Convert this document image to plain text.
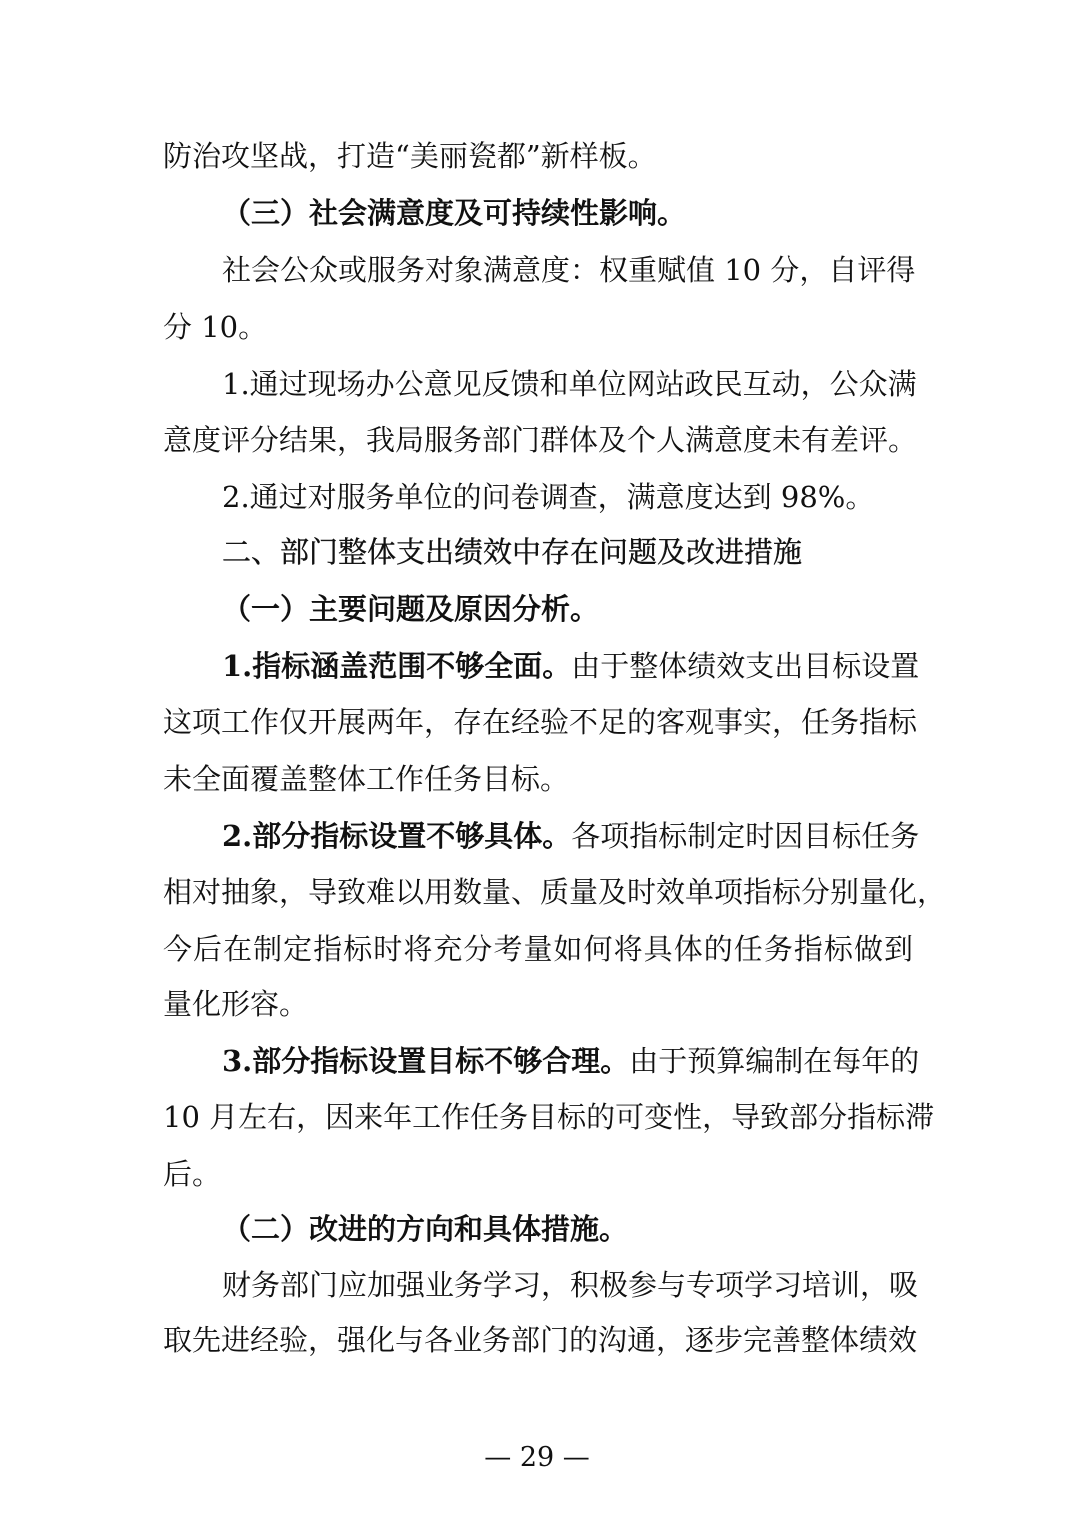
防治攻坚战，打造“美丽瓷都”新样板。
（三）社会满意度及可持续性影响。
社会公众或服务对象满意度：权重赋值 10 分，自评得
分 10。
1.通过现场办公意见反馈和单位网站政民互动，公众满
意度评分结果，我局服务部门群体及个人满意度未有差评。
2.通过对服务单位的问卷调查，满意度达到 98%。
二、部门整体支出绩效中存在问题及改进措施
（一）主要问题及原因分析。
1.指标涵盖范围不够全面。由于整体绩效支出目标设置
这项工作仅开展两年，存在经验不足的客观事实，任务指标
未全面覆盖整体工作任务目标。
2.部分指标设置不够具体。各项指标制定时因目标任务
相对抽象，导致难以用数量、质量及时效单项指标分别量化，
今后在制定指标时将充分考量如何将具体的任务指标做到
量化形容。
3.部分指标设置目标不够合理。由于预算编制在每年的
10 月左右，因来年工作任务目标的可变性，导致部分指标滞
后。
（二）改进的方向和具体措施。
财务部门应加强业务学习，积极参与专项学习培训，吸
取先进经验，强化与各业务部门的沟通，逐步完善整体绩效
— 29 —
